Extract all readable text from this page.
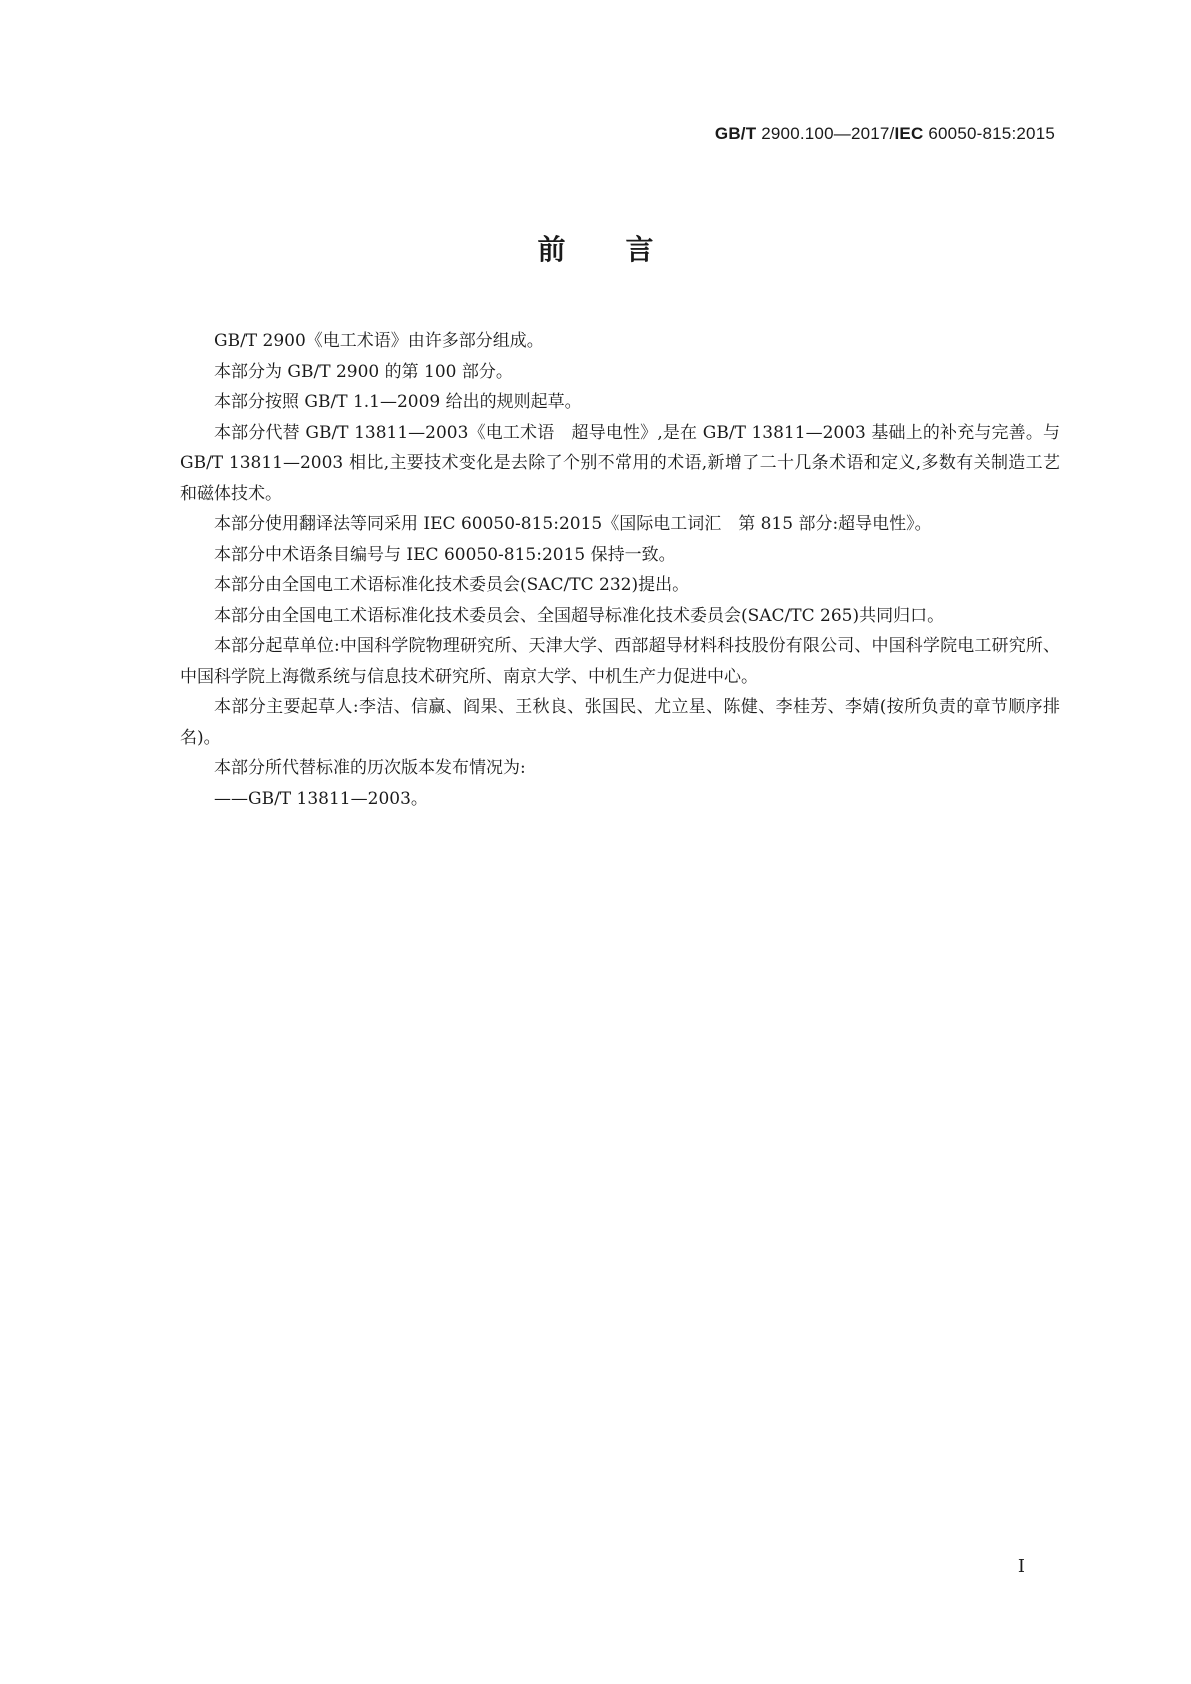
GB/T 2900.100—2017/IEC 60050-815:2015
前言

GB/T 2900《电工术语》由许多部分组成。

本部分为 GB/T 2900 的第 100 部分。

本部分按照 GB/T 1.1—2009 给出的规则起草。

本部分代替 GB/T 13811—2003《电工术语　超导电性》,是在 GB/T 13811—2003 基础上的补充与完善。与 GB/T 13811—2003 相比,主要技术变化是去除了个别不常用的术语,新增了二十几条术语和定义,多数有关制造工艺和磁体技术。

本部分使用翻译法等同采用 IEC 60050-815:2015《国际电工词汇　第 815 部分:超导电性》。

本部分中术语条目编号与 IEC 60050-815:2015 保持一致。

本部分由全国电工术语标准化技术委员会(SAC/TC 232)提出。

本部分由全国电工术语标准化技术委员会、全国超导标准化技术委员会(SAC/TC 265)共同归口。

本部分起草单位:中国科学院物理研究所、天津大学、西部超导材料科技股份有限公司、中国科学院电工研究所、中国科学院上海微系统与信息技术研究所、南京大学、中机生产力促进中心。

本部分主要起草人:李洁、信赢、阎果、王秋良、张国民、尤立星、陈健、李桂芳、李婧(按所负责的章节顺序排名)。

本部分所代替标准的历次版本发布情况为:

——GB/T 13811—2003。

I
